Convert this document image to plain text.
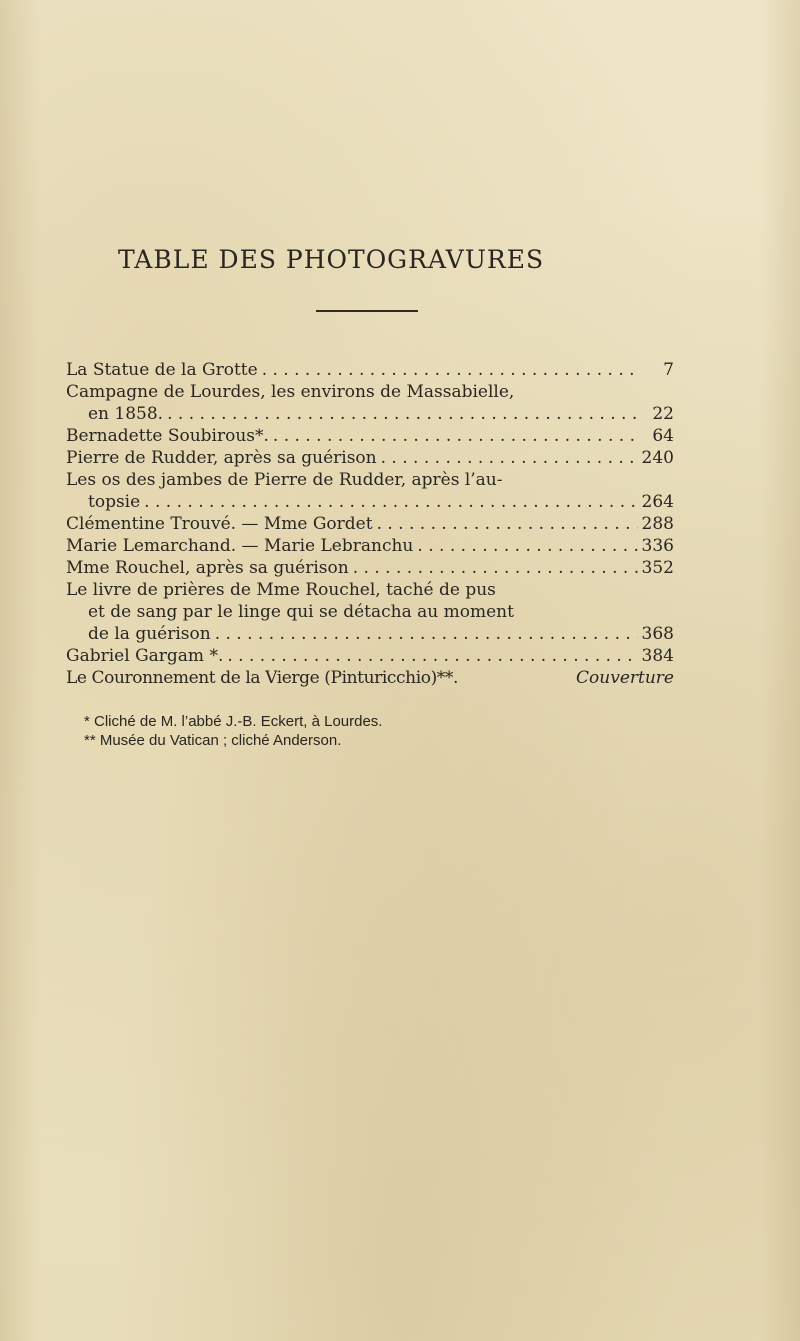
TABLE DES PHOTOGRAVURES
La Statue de la Grotte . . .	7
Campagne de Lourdes, les environs de Massabielle,
en 1858. . . .	22
Bernadette Soubirous*. . . .	64
Pierre de Rudder, après sa guérison . . .	240
Les os des jambes de Pierre de Rudder, après l’au-
topsie . . .	264
Clémentine Trouvé. — Mme Gordet . . .	288
Marie Lemarchand. — Marie Lebranchu . . .	336
Mme Rouchel, après sa guérison . . .	352
Le livre de prières de Mme Rouchel, taché de pus
et de sang par le linge qui se détacha au moment
de la guérison . . .	368
Gabriel Gargam *. . . .	384
Le Couronnement de la Vierge (Pinturicchio)**.	Couverture
* Cliché de M. l’abbé J.-B. Eckert, à Lourdes.
** Musée du Vatican ; cliché Anderson.
